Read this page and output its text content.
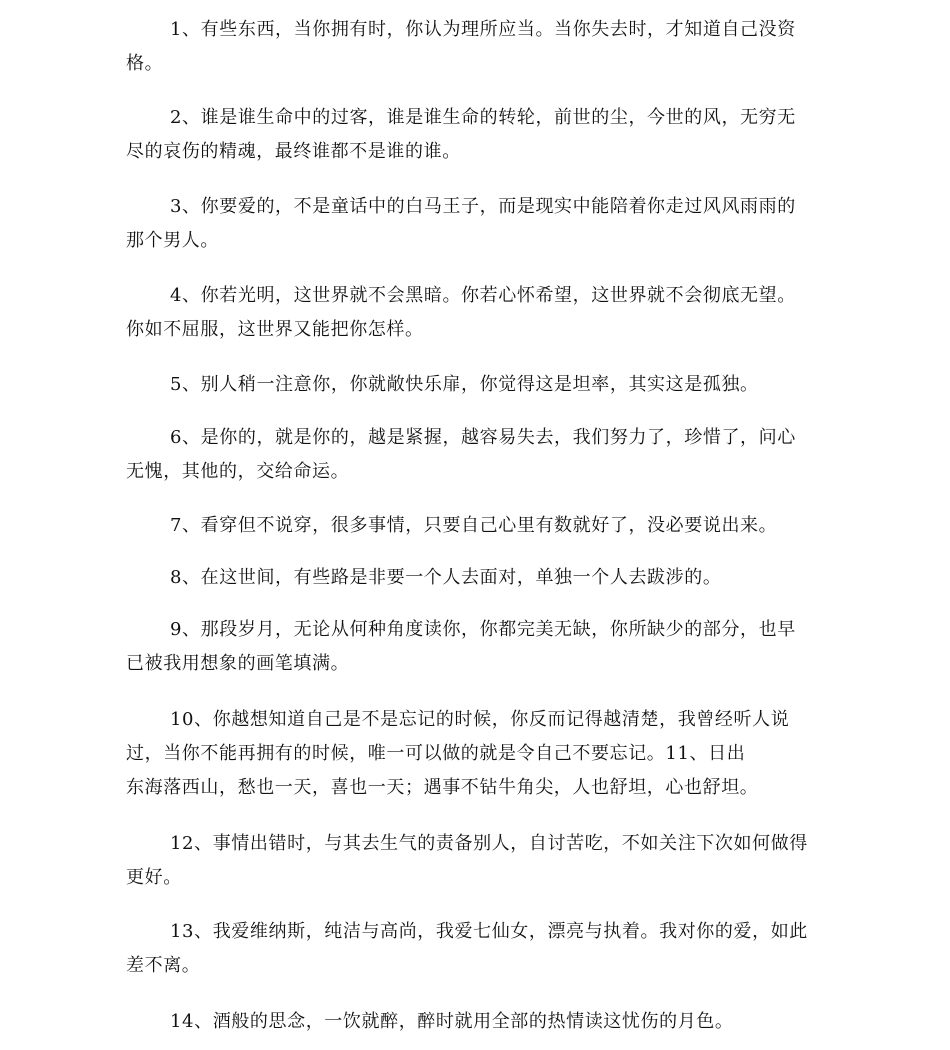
1、有些东西，当你拥有时，你认为理所应当。当你失去时，才知道自己没资
格。
2、谁是谁生命中的过客，谁是谁生命的转轮，前世的尘，今世的风，无穷无
尽的哀伤的精魂，最终谁都不是谁的谁。
3、你要爱的，不是童话中的白马王子，而是现实中能陪着你走过风风雨雨的
那个男人。
4、你若光明，这世界就不会黑暗。你若心怀希望，这世界就不会彻底无望。
你如不屈服，这世界又能把你怎样。
5、别人稍一注意你，你就敞快乐扉，你觉得这是坦率，其实这是孤独。
6、是你的，就是你的，越是紧握，越容易失去，我们努力了，珍惜了，问心
无愧，其他的，交给命运。
7、看穿但不说穿，很多事情，只要自己心里有数就好了，没必要说出来。
8、在这世间，有些路是非要一个人去面对，单独一个人去跋涉的。
9、那段岁月，无论从何种角度读你，你都完美无缺，你所缺少的部分，也早
已被我用想象的画笔填满。
10、你越想知道自己是不是忘记的时候，你反而记得越清楚，我曾经听人说
过，当你不能再拥有的时候，唯一可以做的就是令自己不要忘记。11、日出
东海落西山，愁也一天，喜也一天；遇事不钻牛角尖，人也舒坦，心也舒坦。
12、事情出错时，与其去生气的责备别人，自讨苦吃，不如关注下次如何做得
更好。
13、我爱维纳斯，纯洁与高尚，我爱七仙女，漂亮与执着。我对你的爱，如此
差不离。
14、酒般的思念，一饮就醉，醉时就用全部的热情读这忧伤的月色。
